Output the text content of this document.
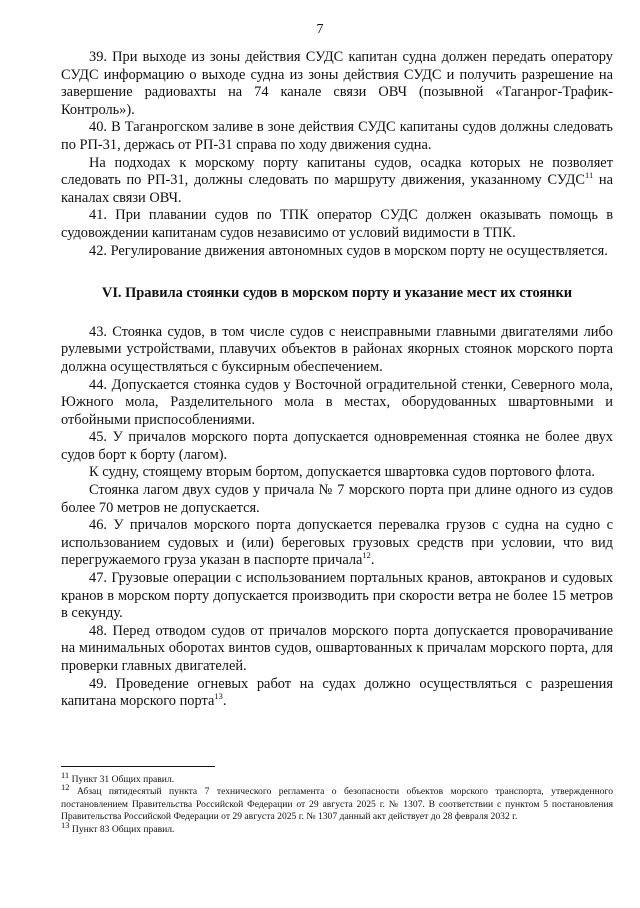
7

39. При выходе из зоны действия СУДС капитан судна должен передать оператору СУДС информацию о выходе судна из зоны действия СУДС и получить разрешение на завершение радиовахты на 74 канале связи ОВЧ (позывной «Таганрог-Трафик-Контроль»).

40. В Таганрогском заливе в зоне действия СУДС капитаны судов должны следовать по РП-31, держась от РП-31 справа по ходу движения судна.

На подходах к морскому порту капитаны судов, осадка которых не позволяет следовать по РП-31, должны следовать по маршруту движения, указанному СУДС$^{11}$ на каналах связи ОВЧ.

41. При плавании судов по ТПК оператор СУДС должен оказывать помощь в судовождении капитанам судов независимо от условий видимости в ТПК.

42. Регулирование движения автономных судов в морском порту не осуществляется.

VI. Правила стоянки судов в морском порту и указание мест их стоянки

43. Стоянка судов, в том числе судов с неисправными главными двигателями либо рулевыми устройствами, плавучих объектов в районах якорных стоянок морского порта должна осуществляться с буксирным обеспечением.

44. Допускается стоянка судов у Восточной оградительной стенки, Северного мола, Южного мола, Разделительного мола в местах, оборудованных швартовными и отбойными приспособлениями.

45. У причалов морского порта допускается одновременная стоянка не более двух судов борт к борту (лагом).

К судну, стоящему вторым бортом, допускается швартовка судов портового флота.

Стоянка лагом двух судов у причала № 7 морского порта при длине одного из судов более 70 метров не допускается.

46. У причалов морского порта допускается перевалка грузов с судна на судно с использованием судовых и (или) береговых грузовых средств при условии, что вид перегружаемого груза указан в паспорте причала$^{12}$.

47. Грузовые операции с использованием портальных кранов, автокранов и судовых кранов в морском порту допускается производить при скорости ветра не более 15 метров в секунду.

48. Перед отводом судов от причалов морского порта допускается проворачивание на минимальных оборотах винтов судов, ошвартованных к причалам морского порта, для проверки главных двигателей.

49. Проведение огневых работ на судах должно осуществляться с разрешения капитана морского порта$^{13}$.

$^{11}$ Пункт 31 Общих правил.

$^{12}$ Абзац пятидесятый пункта 7 технического регламента о безопасности объектов морского транспорта, утвержденного постановлением Правительства Российской Федерации от 29 августа 2025 г. № 1307. В соответствии с пунктом 5 постановления Правительства Российской Федерации от 29 августа 2025 г. № 1307 данный акт действует до 28 февраля 2032 г.

$^{13}$ Пункт 83 Общих правил.
